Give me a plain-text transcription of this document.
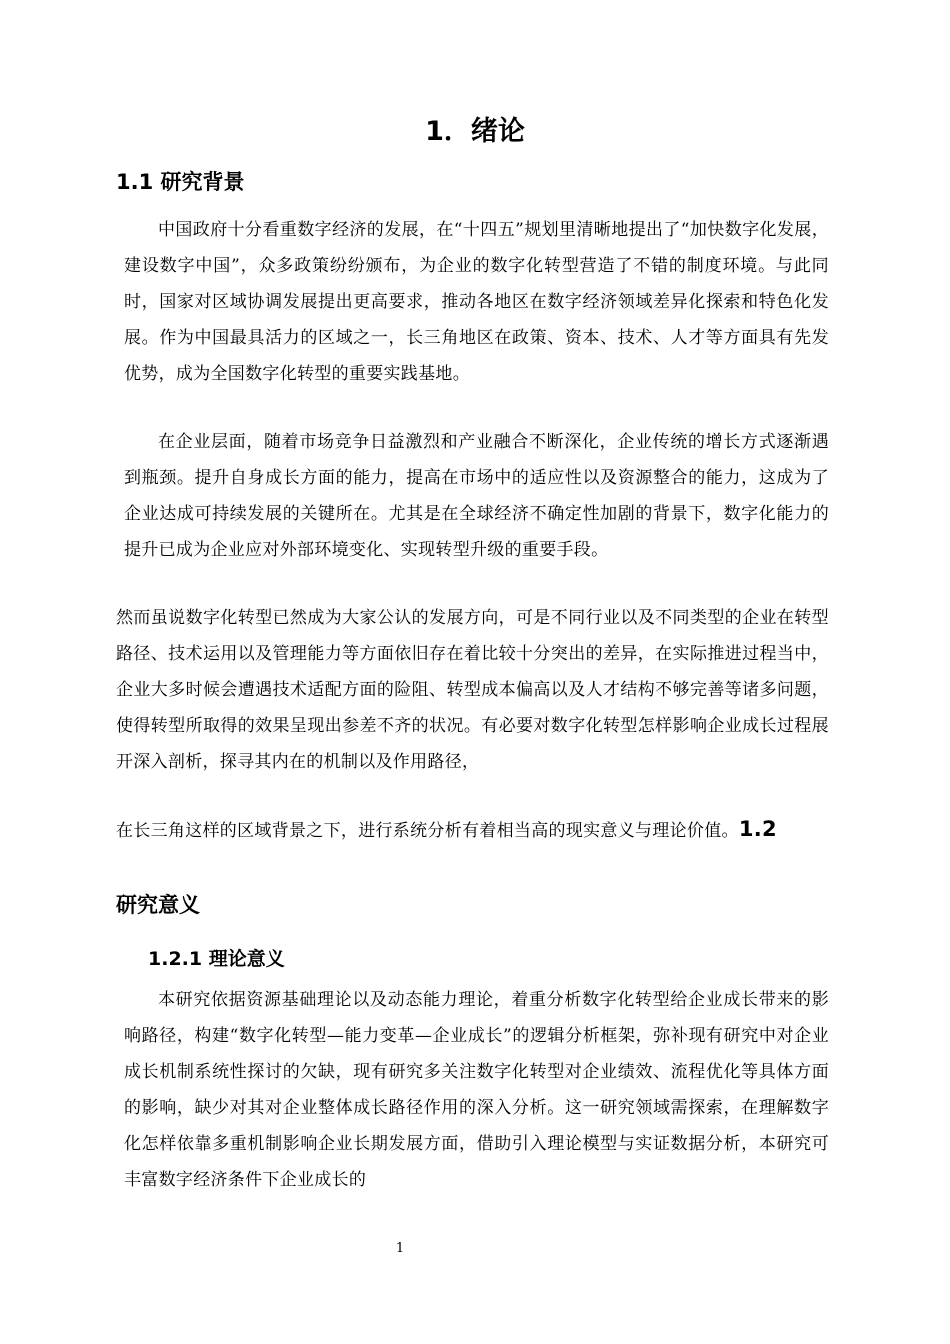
1．绪论
1.1 研究背景

中国政府十分看重数字经济的发展，在“十四五”规划里清晰地提出了“加快数字化发展，建设数字中国”，众多政策纷纷颁布，为企业的数字化转型营造了不错的制度环境。与此同时，国家对区域协调发展提出更高要求，推动各地区在数字经济领域差异化探索和特色化发展。作为中国最具活力的区域之一，长三角地区在政策、资本、技术、人才等方面具有先发优势，成为全国数字化转型的重要实践基地。

在企业层面，随着市场竞争日益激烈和产业融合不断深化，企业传统的增长方式逐渐遇到瓶颈。提升自身成长方面的能力，提高在市场中的适应性以及资源整合的能力，这成为了企业达成可持续发展的关键所在。尤其是在全球经济不确定性加剧的背景下，数字化能力的提升已成为企业应对外部环境变化、实现转型升级的重要手段。

然而虽说数字化转型已然成为大家公认的发展方向，可是不同行业以及不同类型的企业在转型路径、技术运用以及管理能力等方面依旧存在着比较十分突出的差异，在实际推进过程当中，企业大多时候会遭遇技术适配方面的险阻、转型成本偏高以及人才结构不够完善等诸多问题，使得转型所取得的效果呈现出参差不齐的状况。有必要对数字化转型怎样影响企业成长过程展开深入剖析，探寻其内在的机制以及作用路径，

在长三角这样的区域背景之下，进行系统分析有着相当高的现实意义与理论价值。1.2

研究意义
1.2.1 理论意义

本研究依据资源基础理论以及动态能力理论，着重分析数字化转型给企业成长带来的影响路径，构建“数字化转型—能力变革—企业成长”的逻辑分析框架，弥补现有研究中对企业成长机制系统性探讨的欠缺，现有研究多关注数字化转型对企业绩效、流程优化等具体方面的影响，缺少对其对企业整体成长路径作用的深入分析。这一研究领域需探索，在理解数字化怎样依靠多重机制影响企业长期发展方面，借助引入理论模型与实证数据分析，本研究可丰富数字经济条件下企业成长的

1
